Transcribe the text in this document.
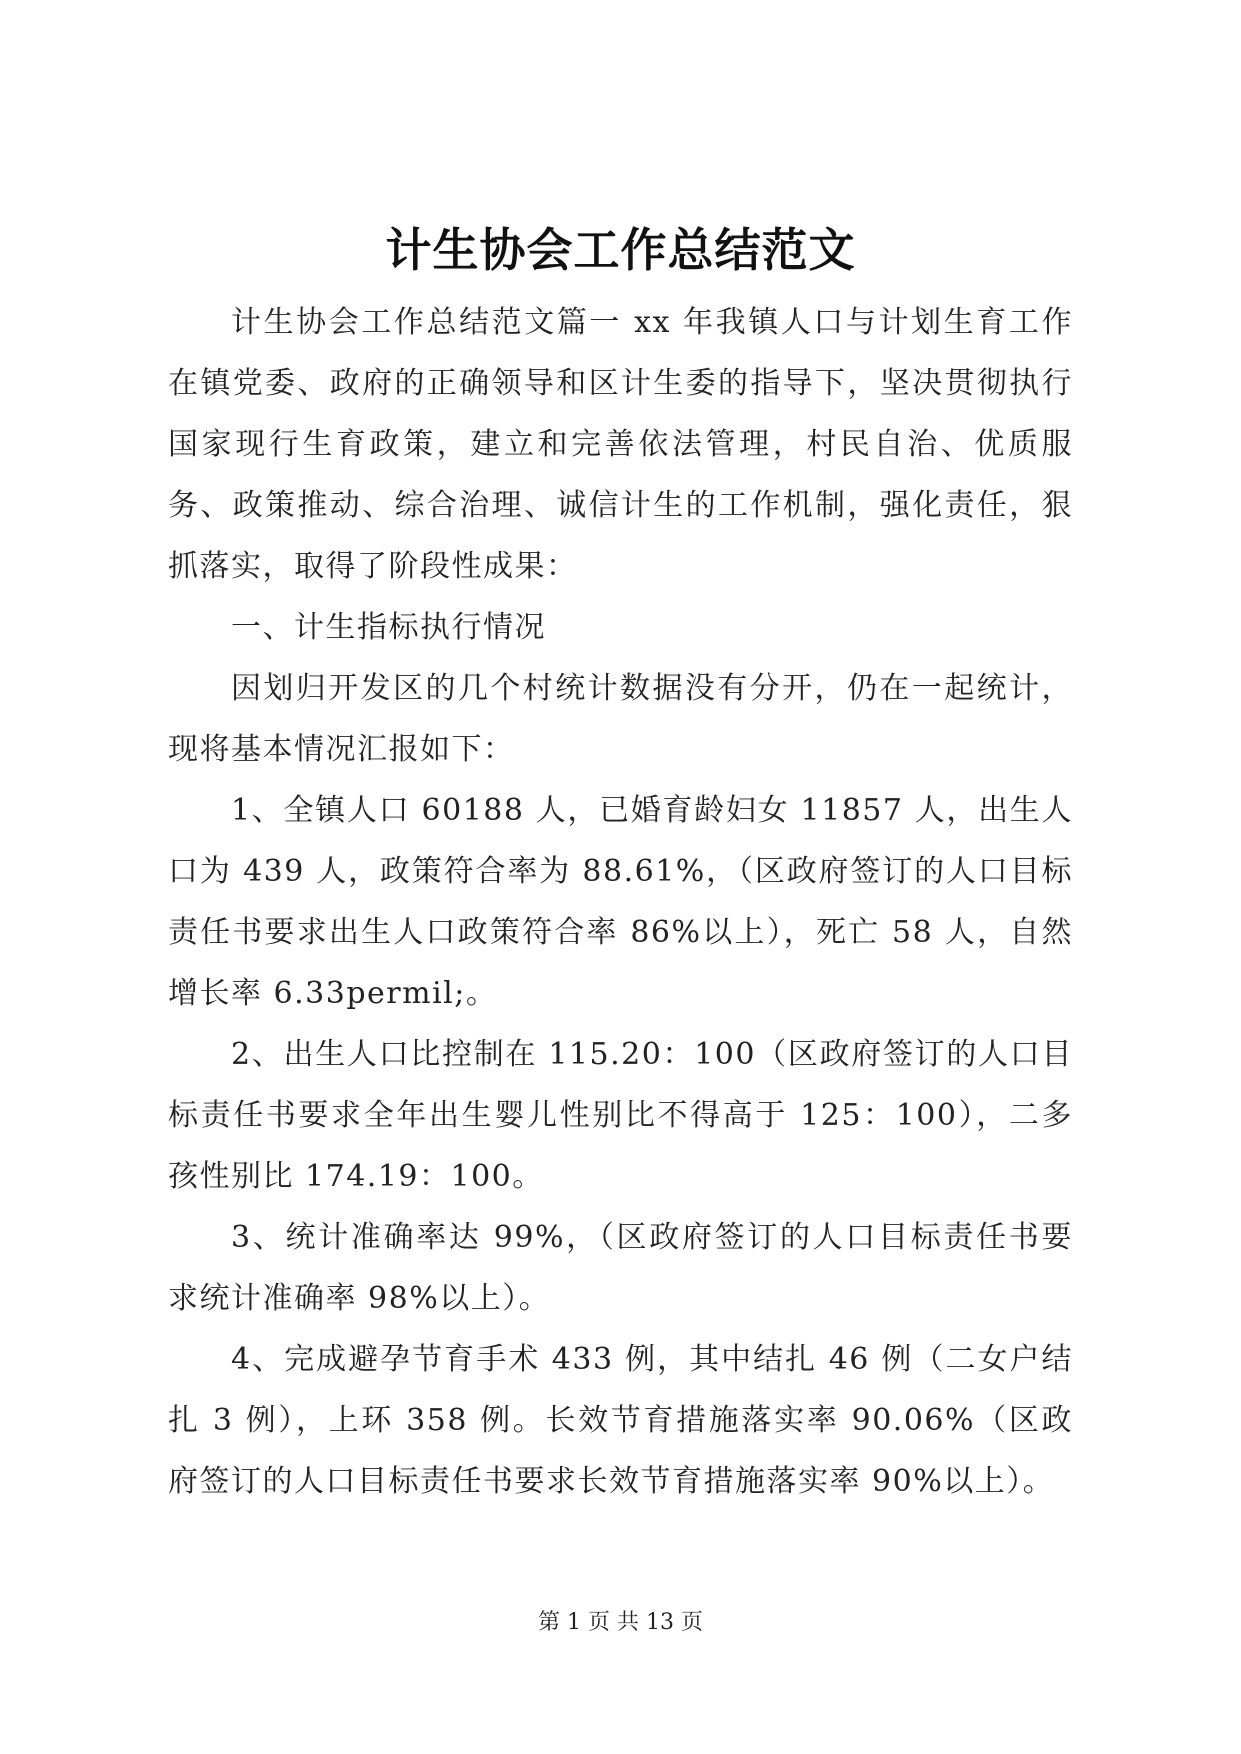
计生协会工作总结范文

计生协会工作总结范文篇一 xx 年我镇人口与计划生育工作在镇党委、政府的正确领导和区计生委的指导下，坚决贯彻执行国家现行生育政策，建立和完善依法管理，村民自治、优质服务、政策推动、综合治理、诚信计生的工作机制，强化责任，狠抓落实，取得了阶段性成果：

一、计生指标执行情况

因划归开发区的几个村统计数据没有分开，仍在一起统计，现将基本情况汇报如下：

1、全镇人口 60188 人，已婚育龄妇女 11857 人，出生人口为 439 人，政策符合率为 88.61%，（区政府签订的人口目标责任书要求出生人口政策符合率 86%以上），死亡 58 人，自然增长率 6.33permil;。

2、出生人口比控制在 115.20：100（区政府签订的人口目标责任书要求全年出生婴儿性别比不得高于 125：100），二多孩性别比 174.19：100。

3、统计准确率达 99%，（区政府签订的人口目标责任书要求统计准确率 98%以上）。

4、完成避孕节育手术 433 例，其中结扎 46 例（二女户结扎 3 例），上环 358 例。长效节育措施落实率 90.06%（区政府签订的人口目标责任书要求长效节育措施落实率 90%以上）。

第 1 页 共 13 页
